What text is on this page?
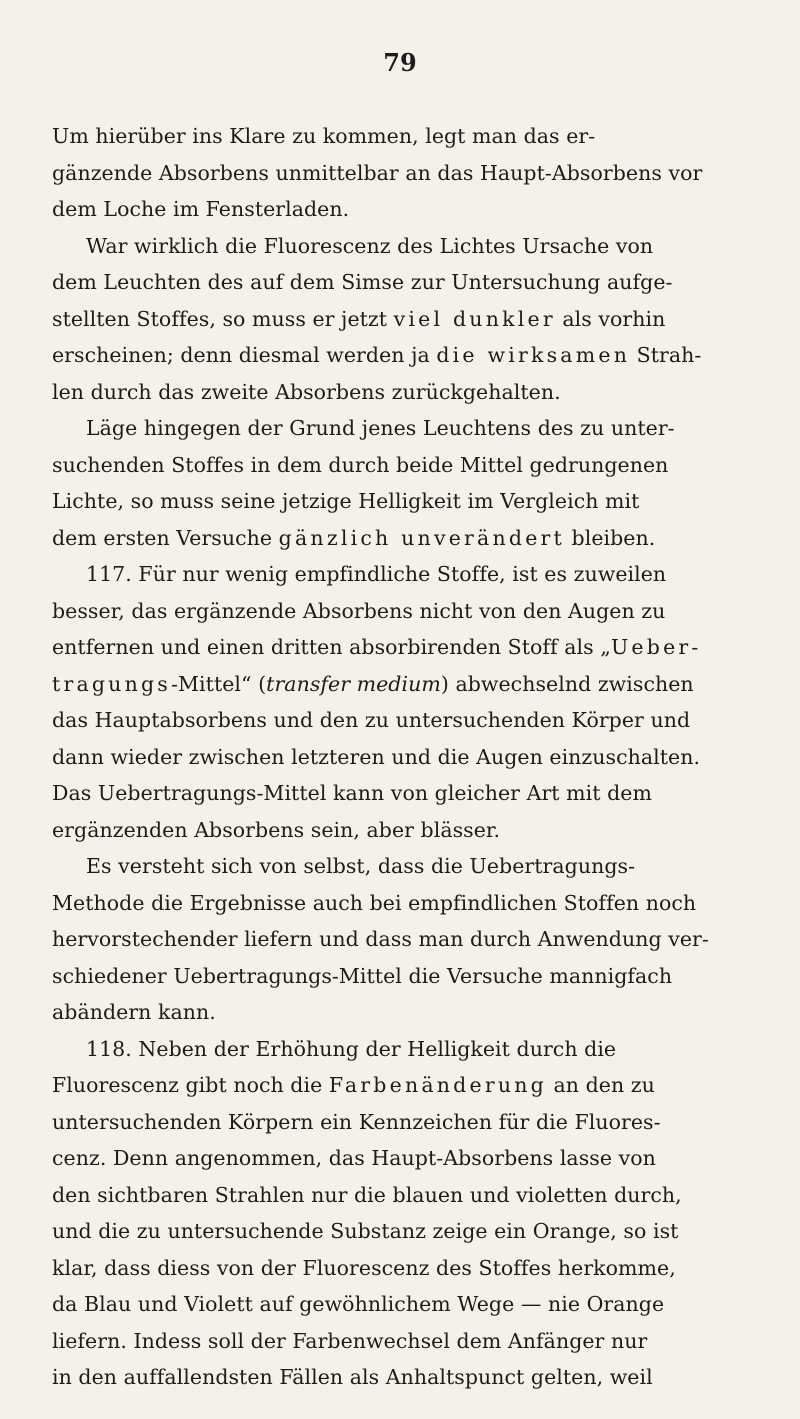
79
Um hierüber ins Klare zu kommen, legt man das er-
gänzende Absorbens unmittelbar an das Haupt-Absorbens vor
dem Loche im Fensterladen.
War wirklich die Fluorescenz des Lichtes Ursache von
dem Leuchten des auf dem Simse zur Untersuchung aufge-
stellten Stoffes, so muss er jetzt viel dunkler als vorhin
erscheinen; denn diesmal werden ja die wirksamen Strah-
len durch das zweite Absorbens zurückgehalten.
Läge hingegen der Grund jenes Leuchtens des zu unter-
suchenden Stoffes in dem durch beide Mittel gedrungenen
Lichte, so muss seine jetzige Helligkeit im Vergleich mit
dem ersten Versuche gänzlich unverändert bleiben.
117. Für nur wenig empfindliche Stoffe, ist es zuweilen
besser, das ergänzende Absorbens nicht von den Augen zu
entfernen und einen dritten absorbirenden Stoff als „Ueber-
tragungs-Mittel“ (transfer medium) abwechselnd zwischen
das Hauptabsorbens und den zu untersuchenden Körper und
dann wieder zwischen letzteren und die Augen einzuschalten.
Das Uebertragungs-Mittel kann von gleicher Art mit dem
ergänzenden Absorbens sein, aber blässer.
Es versteht sich von selbst, dass die Uebertragungs-
Methode die Ergebnisse auch bei empfindlichen Stoffen noch
hervorstechender liefern und dass man durch Anwendung ver-
schiedener Uebertragungs-Mittel die Versuche mannigfach
abändern kann.
118. Neben der Erhöhung der Helligkeit durch die
Fluorescenz gibt noch die Farbenänderung an den zu
untersuchenden Körpern ein Kennzeichen für die Fluores-
cenz. Denn angenommen, das Haupt-Absorbens lasse von
den sichtbaren Strahlen nur die blauen und violetten durch,
und die zu untersuchende Substanz zeige ein Orange, so ist
klar, dass diess von der Fluorescenz des Stoffes herkomme,
da Blau und Violett auf gewöhnlichem Wege — nie Orange
liefern. Indess soll der Farbenwechsel dem Anfänger nur
in den auffallendsten Fällen als Anhaltspunct gelten, weil
